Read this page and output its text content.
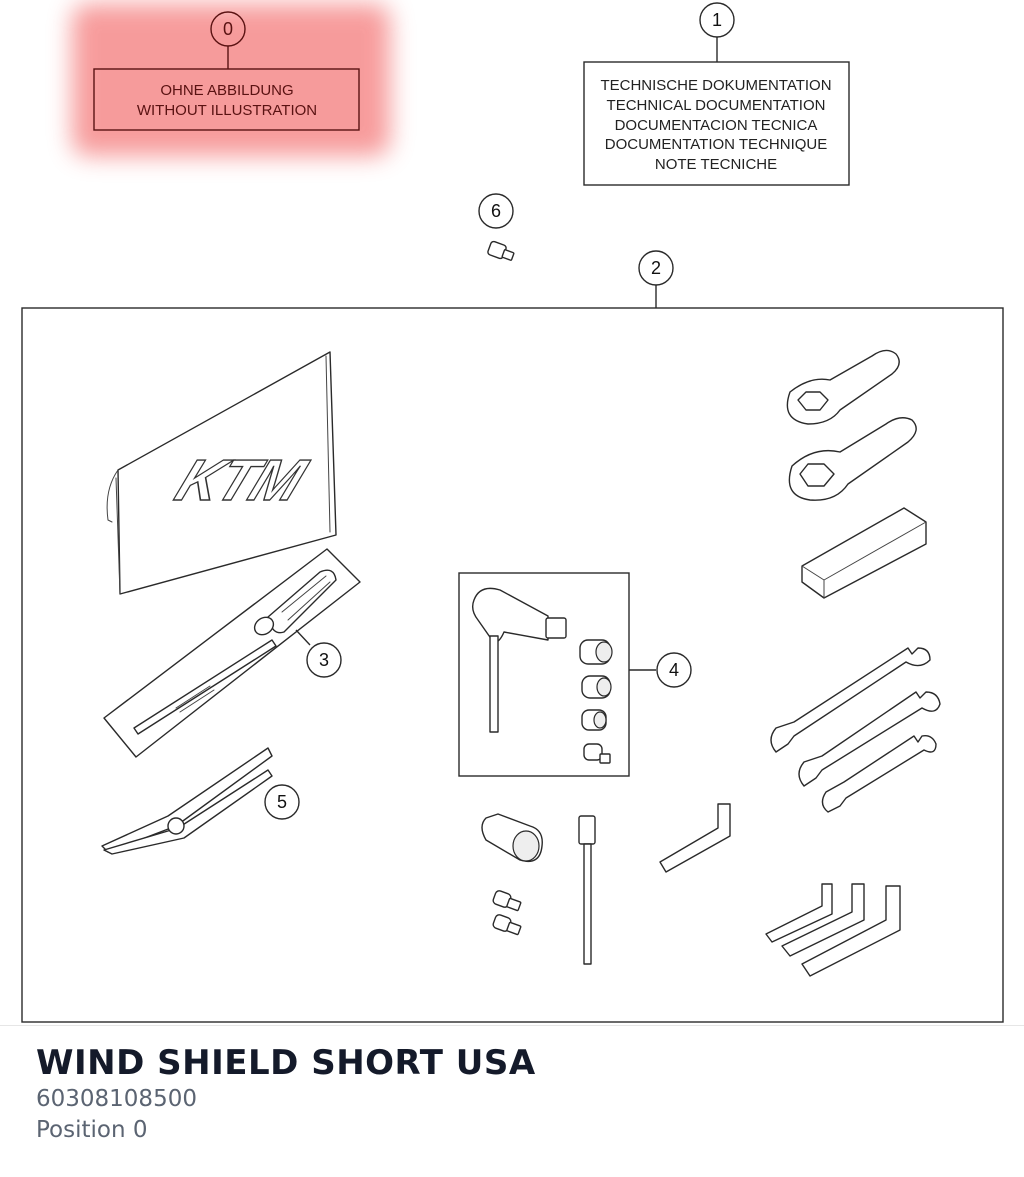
0
OHNE ABBILDUNG
WITHOUT ILLUSTRATION
1
TECHNISCHE DOKUMENTATION
TECHNICAL DOCUMENTATION
DOCUMENTACION TECNICA
DOCUMENTATION TECHNIQUE
NOTE TECNICHE
6
2
KTM
3
5
4
WIND SHIELD SHORT USA

60308108500

Position 0
